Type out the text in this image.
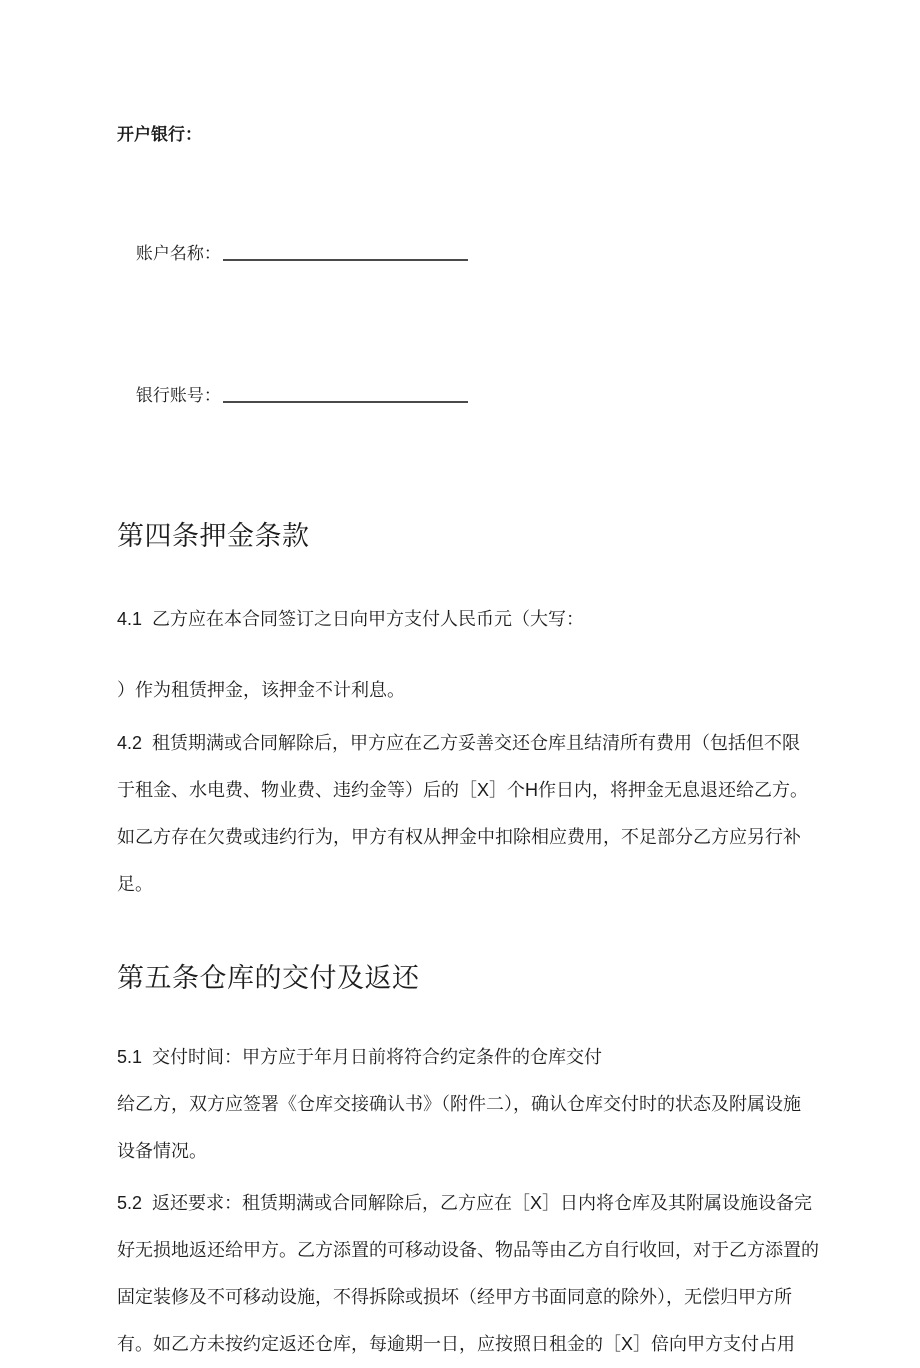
开户银行：

账户名称：

银行账号：

第四条押金条款
4.1  乙方应在本合同签订之日向甲方支付人民币元（大写：
）作为租赁押金，该押金不计利息。
4.2  租赁期满或合同解除后，甲方应在乙方妥善交还仓库且结清所有费用（包括但不限
于租金、水电费、物业费、违约金等）后的［X］个H作日内，将押金无息退还给乙方。
如乙方存在欠费或违约行为，甲方有权从押金中扣除相应费用，不足部分乙方应另行补
足。
第五条仓库的交付及返还
5.1  交付时间：甲方应于年月日前将符合约定条件的仓库交付
给乙方，双方应签署《仓库交接确认书》（附件二），确认仓库交付时的状态及附属设施
设备情况。
5.2  返还要求：租赁期满或合同解除后，乙方应在［X］日内将仓库及其附属设施设备完
好无损地返还给甲方。乙方添置的可移动设备、物品等由乙方自行收回，对于乙方添置的
固定装修及不可移动设施，不得拆除或损坏（经甲方书面同意的除外），无偿归甲方所
有。如乙方未按约定返还仓库，每逾期一日，应按照日租金的［X］倍向甲方支付占用
